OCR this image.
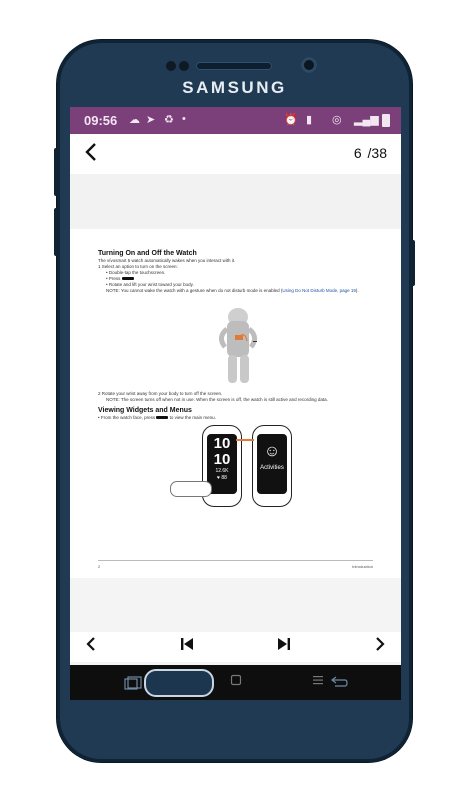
SAMSUNG
09:56 ☁ ➤ ♻ •	⏰ ▮ ◎ ▂▄▆
6 /38
Turning On and Off the Watch
The vívosmart 5 watch automatically wakes when you interact with it.
1 Select an option to turn on the screen:
• Double-tap the touchscreen.
• Press
• Rotate and lift your wrist toward your body.
NOTE: You cannot wake the watch with a gesture when do not disturb mode is enabled (Using Do Not Disturb Mode, page 19).
2 Rotate your wrist away from your body to turn off the screen.
NOTE: The screen turns off when not in use. When the screen is off, the watch is still active and recording data.
Viewing Widgets and Menus
• From the watch face, press	to view the main menu.
10
10
12.6K
♥ 88
☺
Activities
2	Introduction
